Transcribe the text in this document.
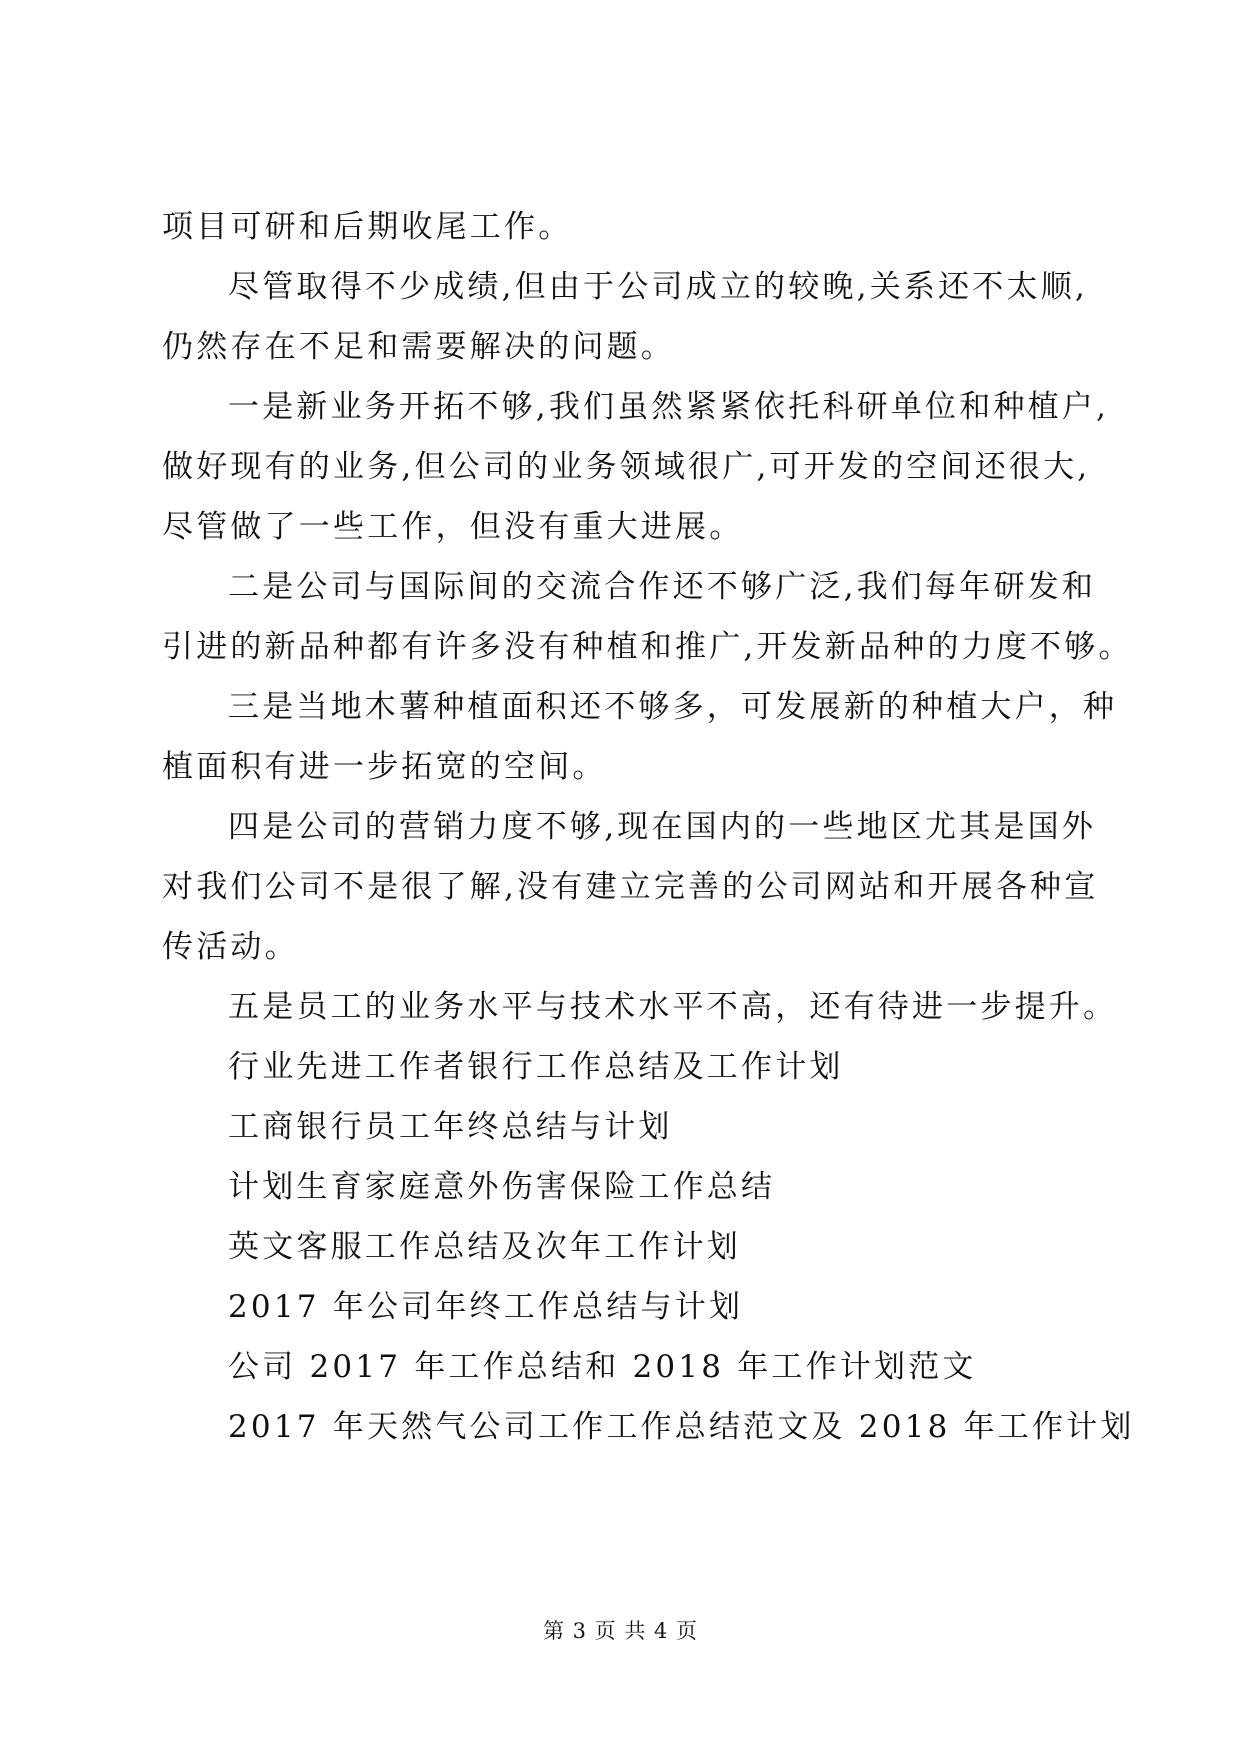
项目可研和后期收尾工作。
尽管取得不少成绩,但由于公司成立的较晚,关系还不太顺,
仍然存在不足和需要解决的问题。
一是新业务开拓不够,我们虽然紧紧依托科研单位和种植户,
做好现有的业务,但公司的业务领域很广,可开发的空间还很大,
尽管做了一些工作，但没有重大进展。
二是公司与国际间的交流合作还不够广泛,我们每年研发和
引进的新品种都有许多没有种植和推广,开发新品种的力度不够。
三是当地木薯种植面积还不够多，可发展新的种植大户，种
植面积有进一步拓宽的空间。
四是公司的营销力度不够,现在国内的一些地区尤其是国外
对我们公司不是很了解,没有建立完善的公司网站和开展各种宣
传活动。
五是员工的业务水平与技术水平不高，还有待进一步提升。
行业先进工作者银行工作总结及工作计划
工商银行员工年终总结与计划
计划生育家庭意外伤害保险工作总结
英文客服工作总结及次年工作计划
2017 年公司年终工作总结与计划
公司 2017 年工作总结和 2018 年工作计划范文
2017 年天然气公司工作工作总结范文及 2018 年工作计划
第 3 页 共 4 页
